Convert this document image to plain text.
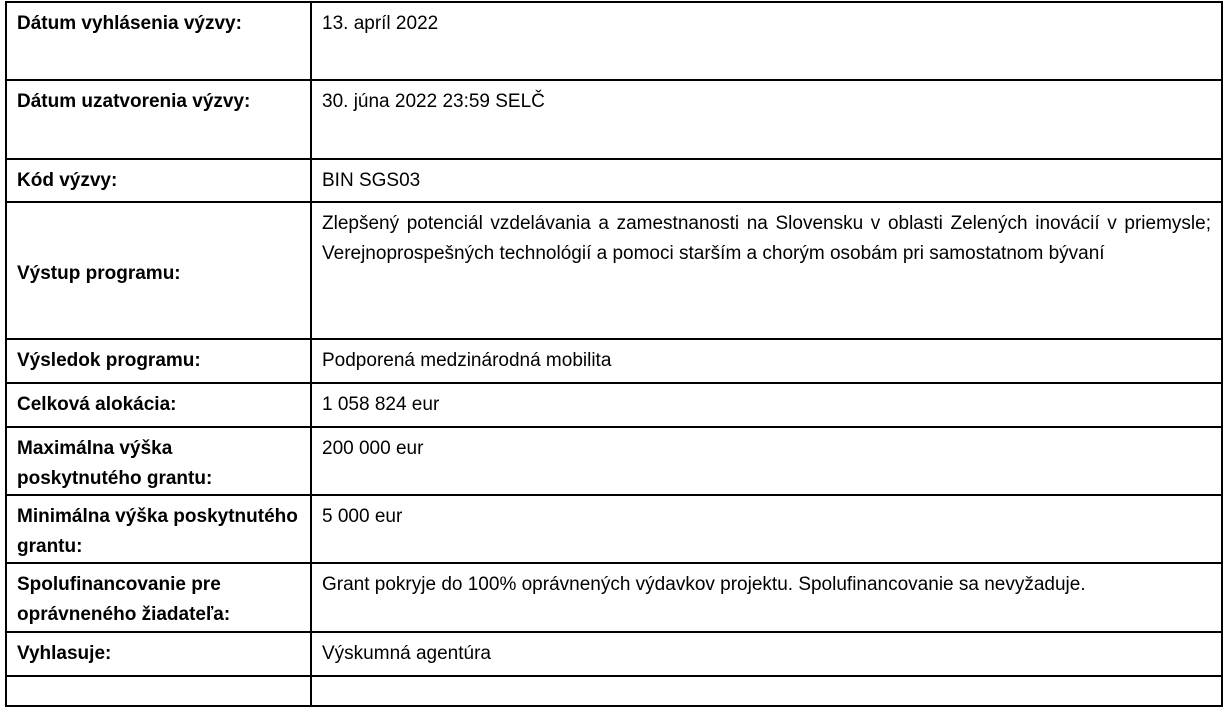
Dátum vyhlásenia výzvy:	13. apríl 2022
Dátum uzatvorenia výzvy:	30. júna 2022 23:59 SELČ
Kód výzvy:	BIN SGS03
Výstup programu:	Zlepšený potenciál vzdelávania a zamestnanosti na Slovensku v oblasti Zelených inovácií v priemysle; Verejnoprospešných technológií a pomoci starším a chorým osobám pri samostatnom bývaní
Výsledok programu:	Podporená medzinárodná mobilita
Celková alokácia:	1 058 824 eur
Maximálna výška poskytnutého grantu:	200 000 eur
Minimálna výška poskytnutého grantu:	5 000 eur
Spolufinancovanie pre oprávneného žiadateľa:	Grant pokryje do 100% oprávnených výdavkov projektu. Spolufinancovanie sa nevyžaduje.
Vyhlasuje:	Výskumná agentúra
